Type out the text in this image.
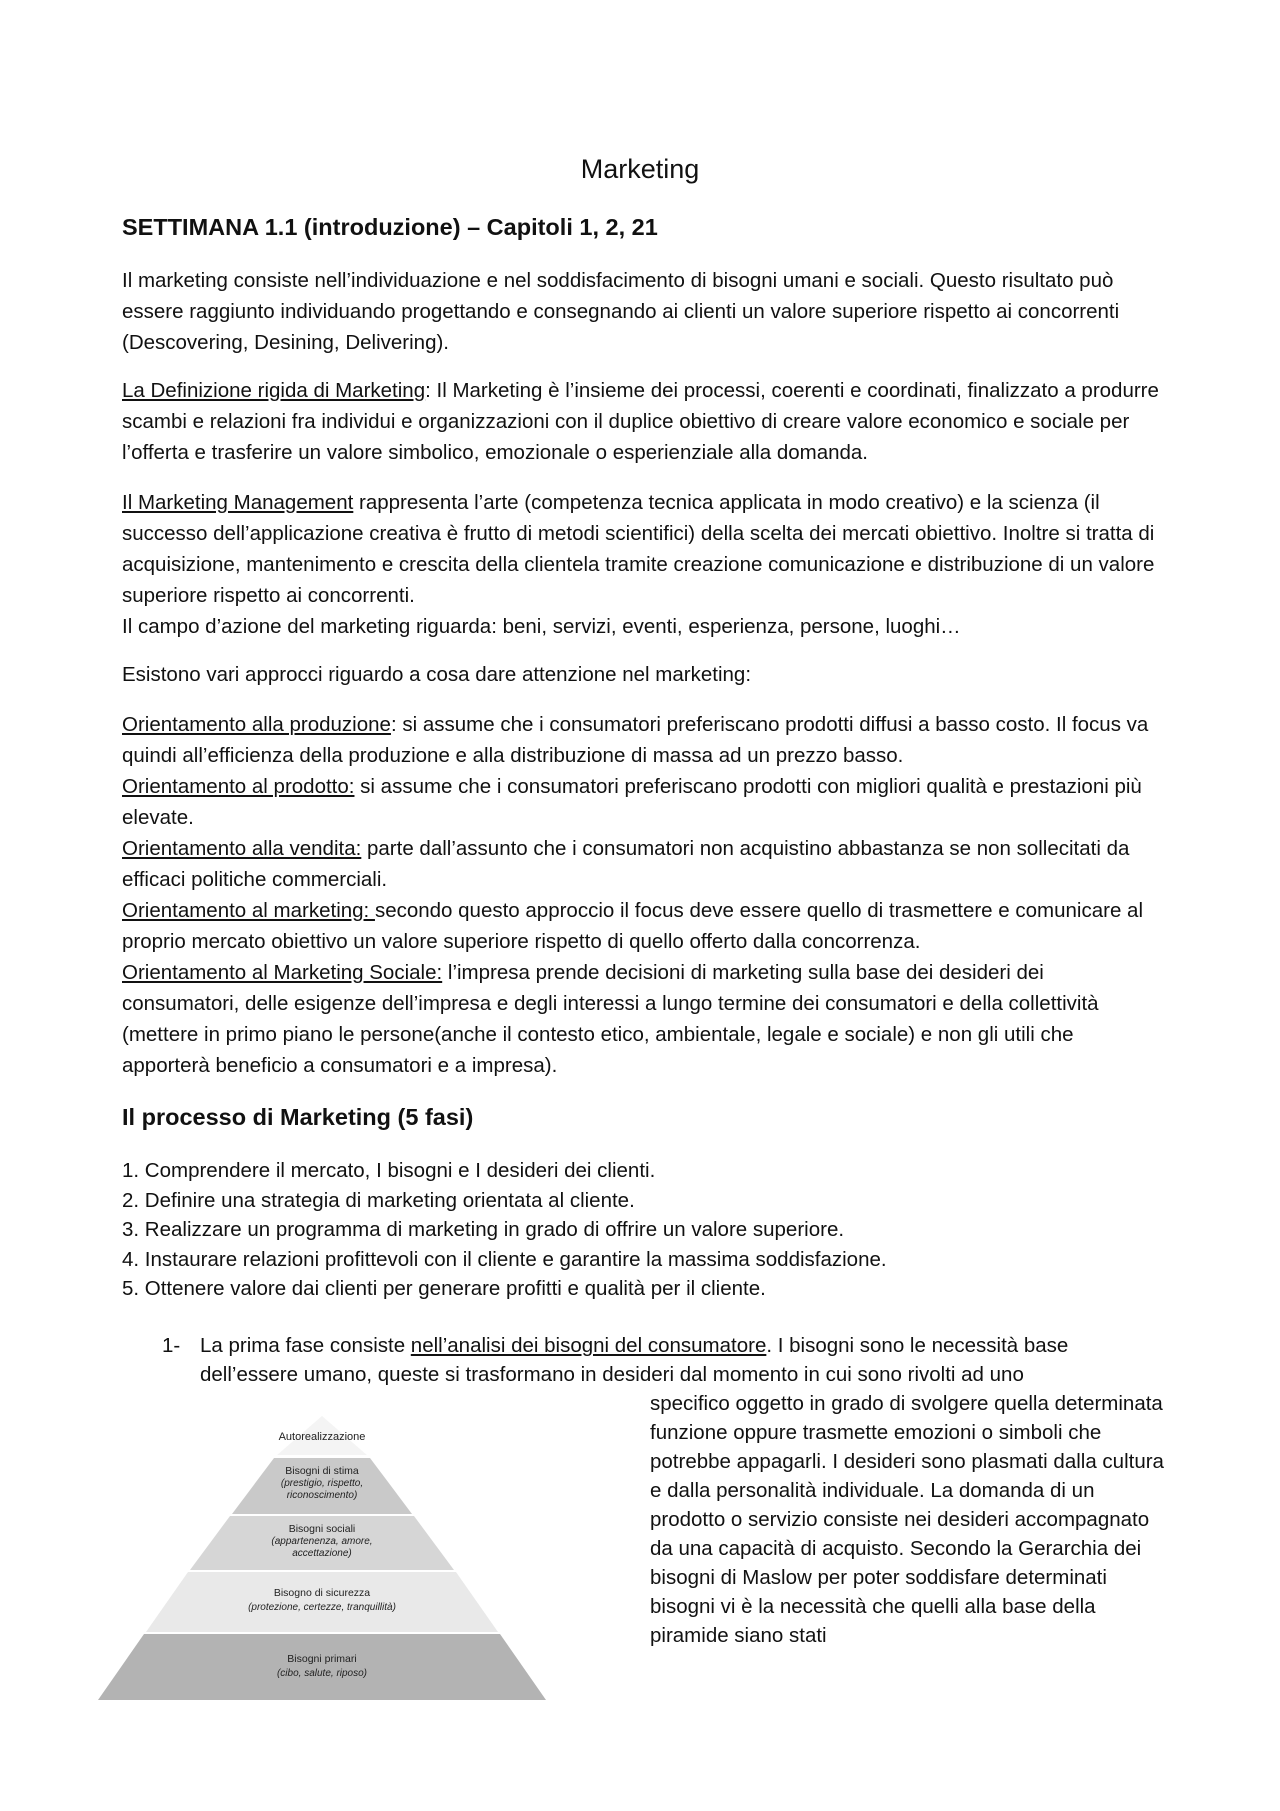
Marketing
SETTIMANA 1.1 (introduzione) – Capitoli 1, 2, 21

Il marketing consiste nell’individuazione e nel soddisfacimento di bisogni umani e sociali. Questo risultato può essere raggiunto individuando progettando e consegnando ai clienti un valore superiore rispetto ai concorrenti (Descovering, Desining, Delivering).

La Definizione rigida di Marketing: Il Marketing è l’insieme dei processi, coerenti e coordinati, finalizzato a produrre scambi e relazioni fra individui e organizzazioni con il duplice obiettivo di creare valore economico e sociale per l’offerta e trasferire un valore simbolico, emozionale o esperienziale alla domanda.

Il Marketing Management rappresenta l’arte (competenza tecnica applicata in modo creativo) e la scienza (il successo dell’applicazione creativa è frutto di metodi scientifici) della scelta dei mercati obiettivo. Inoltre si tratta di acquisizione, mantenimento e crescita della clientela tramite creazione comunicazione e distribuzione di un valore superiore rispetto ai concorrenti.
Il campo d’azione del marketing riguarda: beni, servizi, eventi, esperienza, persone, luoghi…

Esistono vari approcci riguardo a cosa dare attenzione nel marketing:

Orientamento alla produzione: si assume che i consumatori preferiscano prodotti diffusi a basso costo. Il focus va quindi all’efficienza della produzione e alla distribuzione di massa ad un prezzo basso.

Orientamento al prodotto: si assume che i consumatori preferiscano prodotti con migliori qualità e prestazioni più elevate.

Orientamento alla vendita: parte dall’assunto che i consumatori non acquistino abbastanza se non sollecitati da efficaci politiche commerciali.

Orientamento al marketing: secondo questo approccio il focus deve essere quello di trasmettere e comunicare al proprio mercato obiettivo un valore superiore rispetto di quello offerto dalla concorrenza.

Orientamento al Marketing Sociale: l’impresa prende decisioni di marketing sulla base dei desideri dei consumatori, delle esigenze dell’impresa e degli interessi a lungo termine dei consumatori e della collettività (mettere in primo piano le persone(anche il contesto etico, ambientale, legale e sociale) e non gli utili che apporterà beneficio a consumatori e a impresa).

Il processo di Marketing (5 fasi)
1. Comprendere il mercato, I bisogni e I desideri dei clienti.
2. Definire una strategia di marketing orientata al cliente.
3. Realizzare un programma di marketing in grado di offrire un valore superiore.
4. Instaurare relazioni profittevoli con il cliente e garantire la massima soddisfazione.
5. Ottenere valore dai clienti per generare profitti e qualità per il cliente.
1- La prima fase consiste nell’analisi dei bisogni del consumatore. I bisogni sono le necessità base dell’essere umano, queste si trasformano in desideri dal momento in cui sono rivolti ad uno

specifico oggetto in grado di svolgere quella determinata funzione oppure trasmette emozioni o simboli che potrebbe appagarli. I desideri sono plasmati dalla cultura e dalla personalità individuale. La domanda di un prodotto o servizio consiste nei desideri accompagnato da una capacità di acquisto. Secondo la Gerarchia dei bisogni di Maslow per poter soddisfare determinati bisogni vi è la necessità che quelli alla base della piramide siano stati

Autorealizzazione
Bisogni di stima
(prestigio, rispetto, riconoscimento)
Bisogni sociali
(appartenenza, amore, accettazione)
Bisogno di sicurezza
(protezione, certezze, tranquillità)
Bisogni primari
(cibo, salute, riposo)
